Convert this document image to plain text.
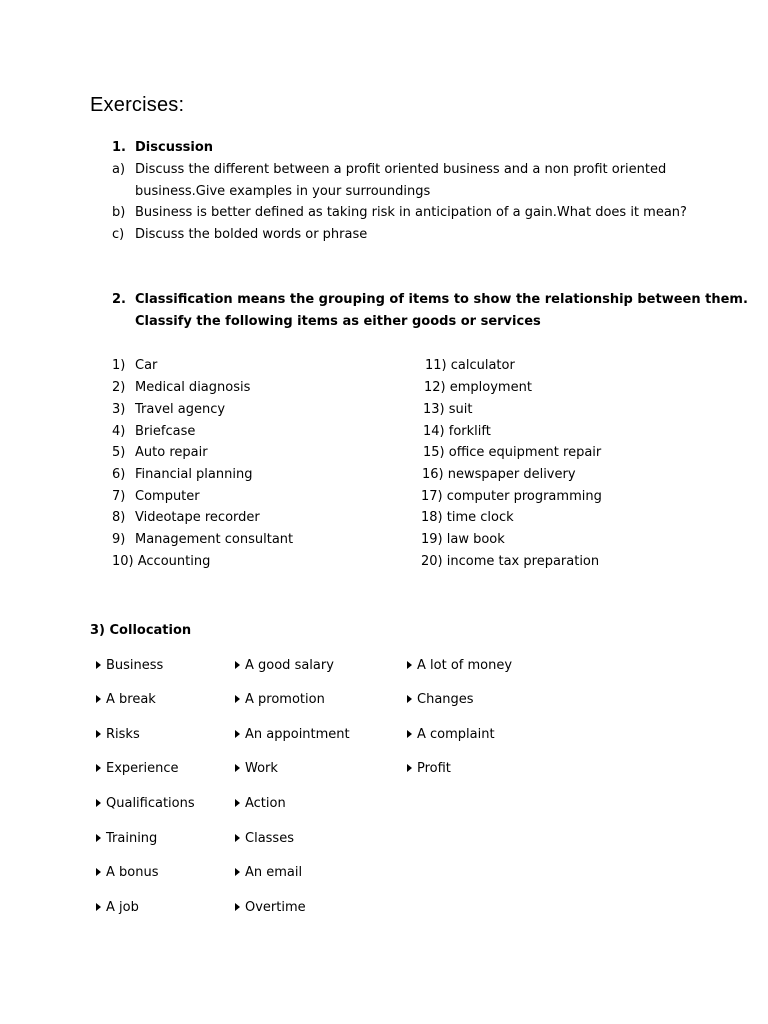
Exercises:
1. Discussion
a) Discuss the different between a profit oriented business and a non profit oriented
business.Give examples in your surroundings
b) Business is better defined as taking risk in anticipation of a gain.What does it mean?
c) Discuss the bolded words or phrase
2. Classification means the grouping of items to show the relationship between them.
Classify the following items as either goods or services
1) Car
2) Medical diagnosis
3) Travel agency
4) Briefcase
5) Auto repair
6) Financial planning
7) Computer
8) Videotape recorder
9) Management consultant
10) Accounting
11) calculator
12) employment
13) suit
14) forklift
15) office equipment repair
16) newspaper delivery
17) computer programming
18) time clock
19) law book
20) income tax preparation
3) Collocation
Business
A break
Risks
Experience
Qualifications
Training
A bonus
A job
A good salary
A promotion
An appointment
Work
Action
Classes
An email
Overtime
A lot of money
Changes
A complaint
Profit
